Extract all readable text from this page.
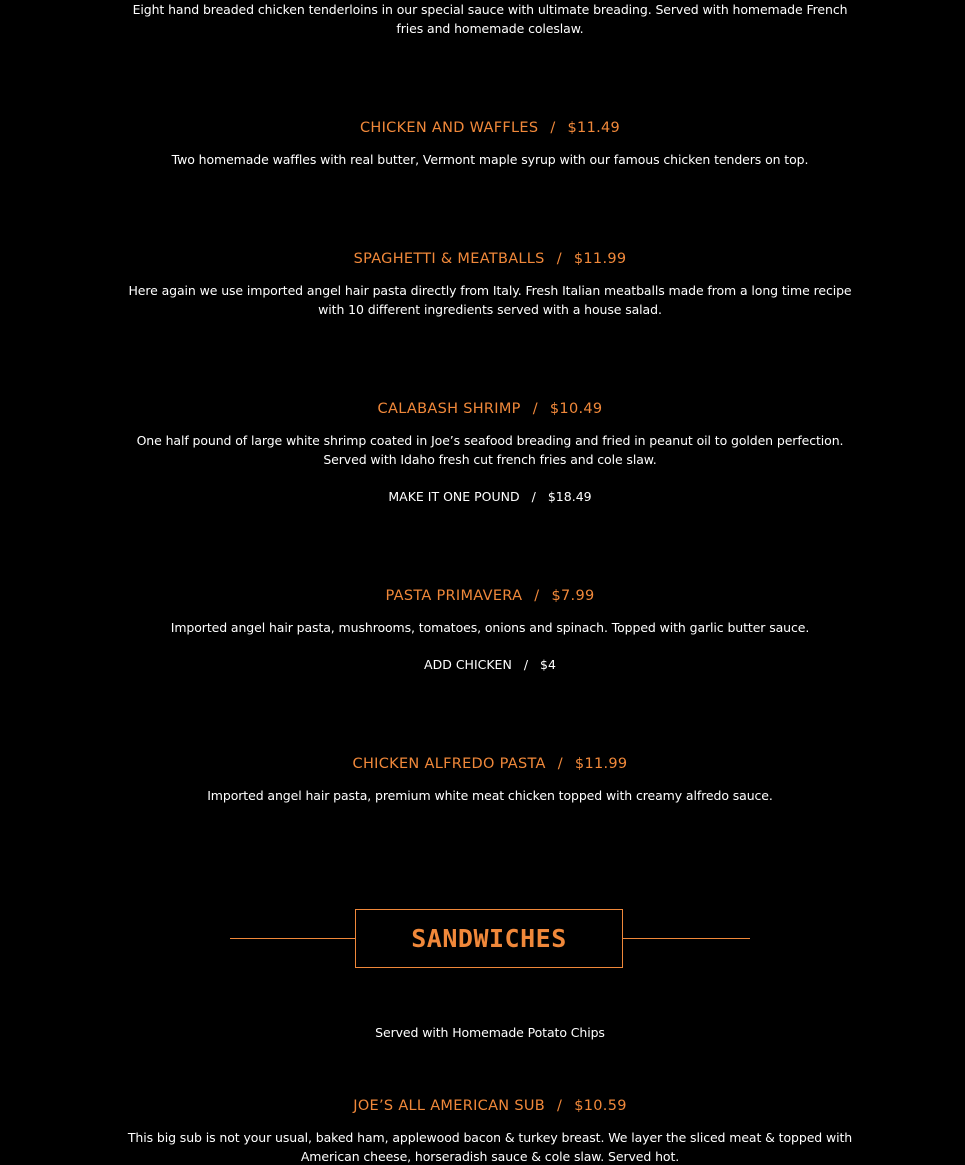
Eight hand breaded chicken tenderloins in our special sauce with ultimate breading. Served with homemade French
fries and homemade coleslaw.
CHICKEN AND WAFFLES / $11.49
Two homemade waffles with real butter, Vermont maple syrup with our famous chicken tenders on top.
SPAGHETTI & MEATBALLS / $11.99
Here again we use imported angel hair pasta directly from Italy. Fresh Italian meatballs made from a long time recipe
with 10 different ingredients served with a house salad.
CALABASH SHRIMP / $10.49
One half pound of large white shrimp coated in Joe’s seafood breading and fried in peanut oil to golden perfection.
Served with Idaho fresh cut french fries and cole slaw.
MAKE IT ONE POUND / $18.49
PASTA PRIMAVERA / $7.99
Imported angel hair pasta, mushrooms, tomatoes, onions and spinach. Topped with garlic butter sauce.
ADD CHICKEN / $4
CHICKEN ALFREDO PASTA / $11.99
Imported angel hair pasta, premium white meat chicken topped with creamy alfredo sauce.
SANDWICHES
Served with Homemade Potato Chips
JOE’S ALL AMERICAN SUB / $10.59
This big sub is not your usual, baked ham, applewood bacon & turkey breast. We layer the sliced meat & topped with
American cheese, horseradish sauce & cole slaw. Served hot.
